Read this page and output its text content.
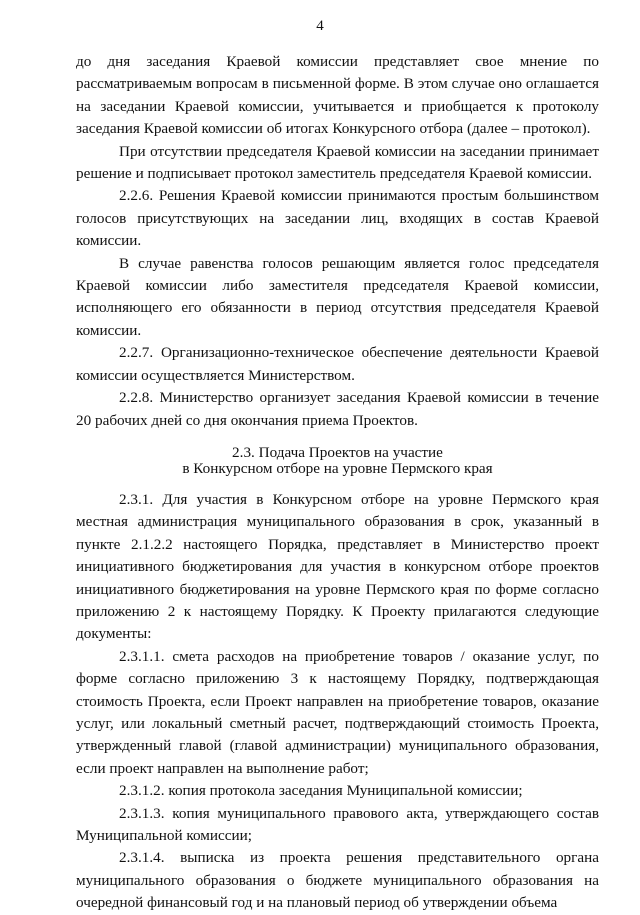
4

до дня заседания Краевой комиссии представляет свое мнение по рассматриваемым вопросам в письменной форме. В этом случае оно оглашается на заседании Краевой комиссии, учитывается и приобщается к протоколу заседания Краевой комиссии об итогах Конкурсного отбора (далее – протокол).

При отсутствии председателя Краевой комиссии на заседании принимает решение и подписывает протокол заместитель председателя Краевой комиссии.

2.2.6. Решения Краевой комиссии принимаются простым большинством голосов присутствующих на заседании лиц, входящих в состав Краевой комиссии.

В случае равенства голосов решающим является голос председателя Краевой комиссии либо заместителя председателя Краевой комиссии, исполняющего его обязанности в период отсутствия председателя Краевой комиссии.

2.2.7. Организационно-техническое обеспечение деятельности Краевой комиссии осуществляется Министерством.

2.2.8. Министерство организует заседания Краевой комиссии в течение 20 рабочих дней со дня окончания приема Проектов.

2.3. Подача Проектов на участие
в Конкурсном отборе на уровне Пермского края

2.3.1. Для участия в Конкурсном отборе на уровне Пермского края местная администрация муниципального образования в срок, указанный в пункте 2.1.2.2 настоящего Порядка, представляет в Министерство проект инициативного бюджетирования для участия в конкурсном отборе проектов инициативного бюджетирования на уровне Пермского края по форме согласно приложению 2 к настоящему Порядку. К Проекту прилагаются следующие документы:

2.3.1.1. смета расходов на приобретение товаров / оказание услуг, по форме согласно приложению 3 к настоящему Порядку, подтверждающая стоимость Проекта, если Проект направлен на приобретение товаров, оказание услуг, или локальный сметный расчет, подтверждающий стоимость Проекта, утвержденный главой (главой администрации) муниципального образования, если проект направлен на выполнение работ;

2.3.1.2. копия протокола заседания Муниципальной комиссии;

2.3.1.3. копия муниципального правового акта, утверждающего состав Муниципальной комиссии;

2.3.1.4. выписка из проекта решения представительного органа муниципального образования о бюджете муниципального образования на очередной финансовый год и на плановый период об утверждении объема
